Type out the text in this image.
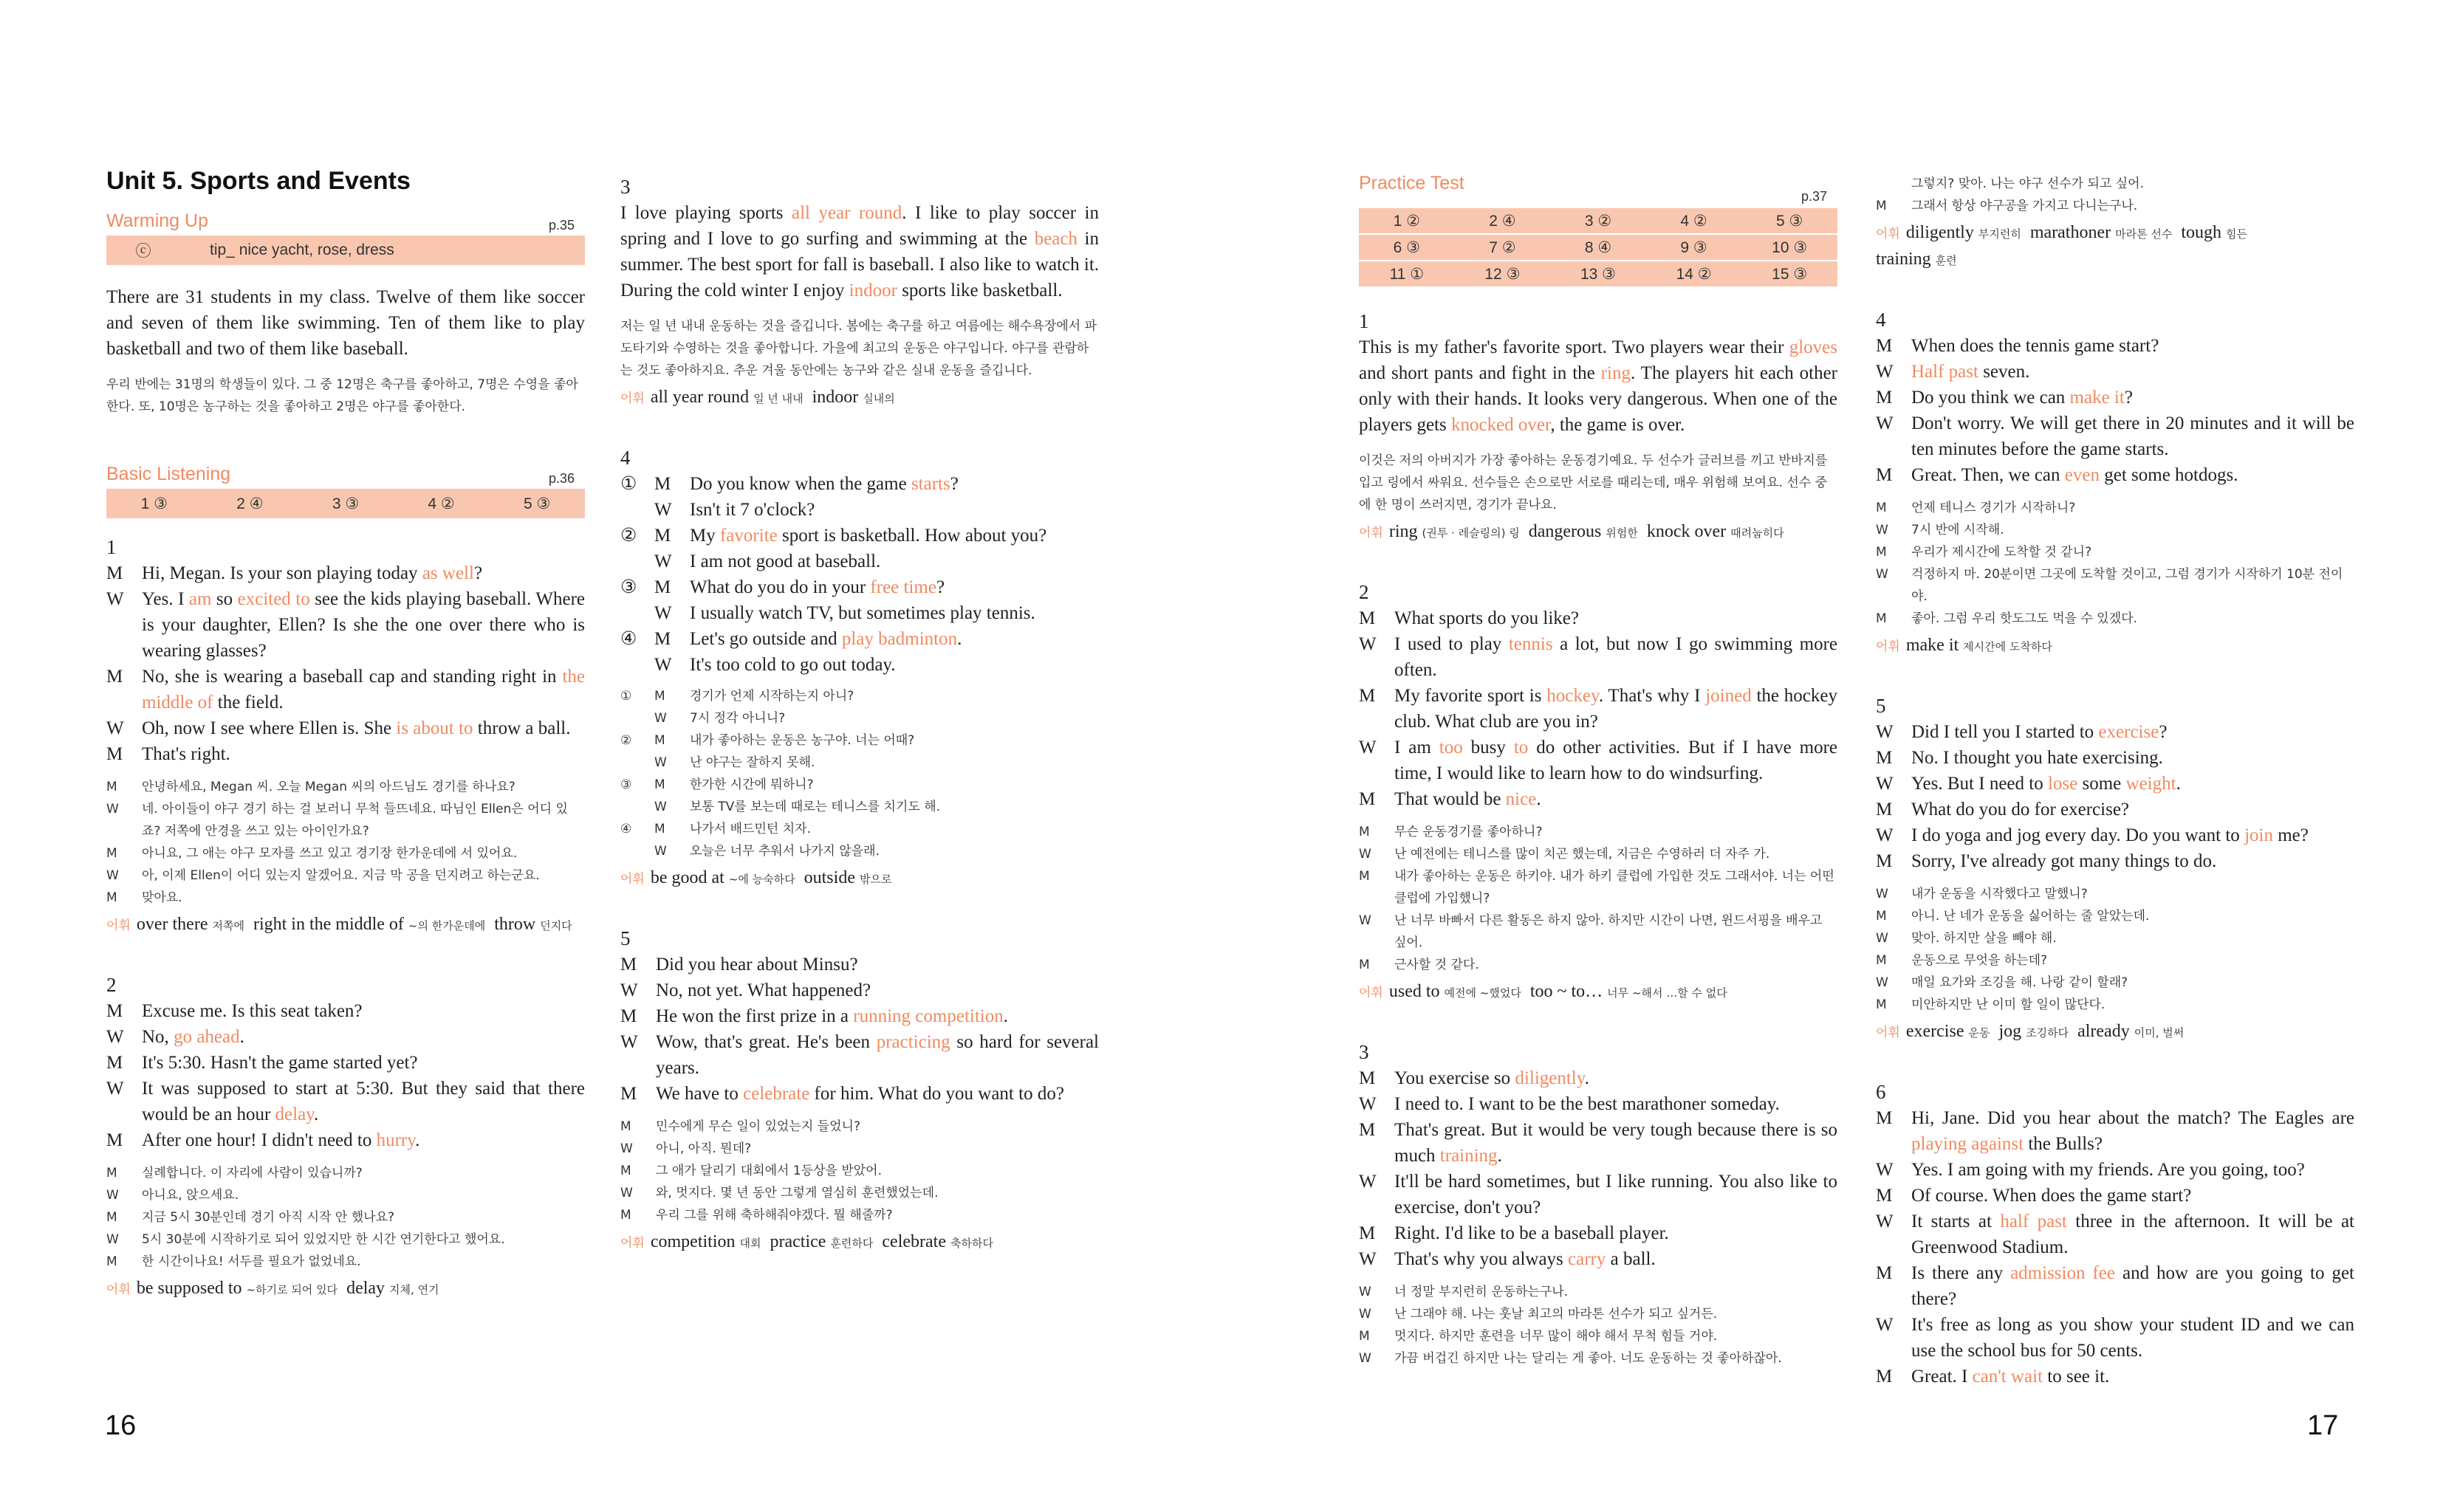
Unit 5. Sports and Events
Warming Up	p.35
ⓒ	tip_ nice yacht, rose, dress

There are 31 students in my class. Twelve of them like soccer and seven of them like swimming. Ten of them like to play basketball and two of them like baseball.

우리 반에는 31명의 학생들이 있다. 그 중 12명은 축구를 좋아하고, 7명은 수영을 좋아한다. 또, 10명은 농구하는 것을 좋아하고 2명은 야구를 좋아한다.
Basic Listening	p.36
1 ③	2 ④	3 ③	4 ②	5 ③
1
M	Hi, Megan. Is your son playing today as well?
W Yes. I am so excited to see the kids playing baseball. Where is your daughter, Ellen? Is she the one over there who is wearing glasses?
M	No, she is wearing a baseball cap and standing right in the middle of the field.
W Oh, now I see where Ellen is. She is about to throw a ball.
M	That's right.
M	안녕하세요, Megan 씨. 오늘 Megan 씨의 아드님도 경기를 하나요?
W	네. 아이들이 야구 경기 하는 걸 보러니 무척 들뜨네요. 따님인 Ellen은 어디 있죠? 저쪽에 안경을 쓰고 있는 아이인가요?
M	아니요, 그 애는 야구 모자를 쓰고 있고 경기장 한가운데에 서 있어요.
W	아, 이제 Ellen이 어디 있는지 알겠어요. 지금 막 공을 던지려고 하는군요.
M	맞아요.
어휘 over there 저쪽에 right in the middle of ~의 한가운데에 throw 던지다
2
M	Excuse me. Is this seat taken?
W No, go ahead.
M	It's 5:30. Hasn't the game started yet?
W It was supposed to start at 5:30. But they said that there would be an hour delay.
M	After one hour! I didn't need to hurry.
M	실례합니다. 이 자리에 사람이 있습니까?
W	아니요, 앉으세요.
M	지금 5시 30분인데 경기 아직 시작 안 했나요?
W	5시 30분에 시작하기로 되어 있었지만 한 시간 연기한다고 했어요.
M	한 시간이나요! 서두를 필요가 없었네요.
어휘 be supposed to ~하기로 되어 있다 delay 지체, 연기
3

I love playing sports all year round. I like to play soccer in spring and I love to go surfing and swimming at the beach in summer. The best sport for fall is baseball. I also like to watch it. During the cold winter I enjoy indoor sports like basketball.

저는 일 년 내내 운동하는 것을 즐깁니다. 봄에는 축구를 하고 여름에는 해수욕장에서 파도타기와 수영하는 것을 좋아합니다. 가을에 최고의 운동은 야구입니다. 야구를 관람하는 것도 좋아하지요. 추운 겨울 동안에는 농구와 같은 실내 운동을 즐깁니다.
어휘 all year round 일 년 내내 indoor 실내의
4
① M	Do you know when the game starts?
W Isn't it 7 o'clock?
② M	My favorite sport is basketball. How about you?
W I am not good at baseball.
③ M	What do you do in your free time?
W I usually watch TV, but sometimes play tennis.
④ M	Let's go outside and play badminton.
W It's too cold to go out today.
①	M	경기가 언제 시작하는지 아니?
W	7시 정각 아니니?
②	M	내가 좋아하는 운동은 농구야. 너는 어때?
W	난 야구는 잘하지 못해.
③	M	한가한 시간에 뭐하니?
W	보통 TV를 보는데 때로는 테니스를 치기도 해.
④	M	나가서 배드민턴 치자.
W	오늘은 너무 추워서 나가지 않을래.
어휘 be good at ~에 능숙하다 outside 밖으로
5
M	Did you hear about Minsu?
W No, not yet. What happened?
M	He won the first prize in a running competition.
W Wow, that's great. He's been practicing so hard for several years.
M	We have to celebrate for him. What do you want to do?
M	민수에게 무슨 일이 있었는지 들었니?
W	아니, 아직. 뭔데?
M	그 애가 달리기 대회에서 1등상을 받았어.
W	와, 멋지다. 몇 년 동안 그렇게 열심히 훈련했었는데.
M	우리 그를 위해 축하해줘야겠다. 뭘 해줄까?
어휘 competition 대회 practice 훈련하다 celebrate 축하하다
Practice Test
p.37
1 ②	2 ④	3 ②	4 ②	5 ③
6 ③	7 ②	8 ④	9 ③	10 ③
11 ①	12 ③	13 ③	14 ②	15 ③
1

This is my father's favorite sport. Two players wear their gloves and short pants and fight in the ring. The players hit each other only with their hands. It looks very dangerous. When one of the players gets knocked over, the game is over.

이것은 저의 아버지가 가장 좋아하는 운동경기예요. 두 선수가 글러브를 끼고 반바지를 입고 링에서 싸워요. 선수들은 손으로만 서로를 때리는데, 매우 위험해 보여요. 선수 중에 한 명이 쓰러지면, 경기가 끝나요.
어휘 ring (권투 · 레슬링의) 링 dangerous 위험한 knock over 때려눕히다
2
M	What sports do you like?
W I used to play tennis a lot, but now I go swimming more often.
M	My favorite sport is hockey. That's why I joined the hockey club. What club are you in?
W I am too busy to do other activities. But if I have more time, I would like to learn how to do windsurfing.
M	That would be nice.
M	무슨 운동경기를 좋아하니?
W	난 예전에는 테니스를 많이 치곤 했는데, 지금은 수영하러 더 자주 가.
M	내가 좋아하는 운동은 하키야. 내가 하키 클럽에 가입한 것도 그래서야. 너는 어떤 클럽에 가입했니?
W	난 너무 바빠서 다른 활동은 하지 않아. 하지만 시간이 나면, 윈드서핑을 배우고 싶어.
M	근사할 것 같다.
어휘 used to 예전에 ~했었다 too ~ to… 너무 ~해서 …할 수 없다
3
M	You exercise so diligently.
W I need to. I want to be the best marathoner someday.
M	That's great. But it would be very tough because there is so much training.
W It'll be hard sometimes, but I like running. You also like to exercise, don't you?
M	Right. I'd like to be a baseball player.
W That's why you always carry a ball.
W	너 정말 부지런히 운동하는구나.
W	난 그래야 해. 나는 훗날 최고의 마라톤 선수가 되고 싶거든.
M	멋지다. 하지만 훈련을 너무 많이 해야 해서 무척 힘들 거야.
W	가끔 버겁긴 하지만 나는 달리는 게 좋아. 너도 운동하는 것 좋아하잖아.
그렇지? 맞아. 나는 야구 선수가 되고 싶어.
M	그래서 항상 야구공을 가지고 다니는구나.
어휘 diligently 부지런히 marathoner 마라톤 선수 tough 힘든
training 훈련
4
M	When does the tennis game start?
W Half past seven.
M	Do you think we can make it?
W Don't worry. We will get there in 20 minutes and it will be ten minutes before the game starts.
M	Great. Then, we can even get some hotdogs.
M	언제 테니스 경기가 시작하니?
W	7시 반에 시작해.
M	우리가 제시간에 도착할 것 같니?
W	걱정하지 마. 20분이면 그곳에 도착할 것이고, 그럼 경기가 시작하기 10분 전이야.
M	좋아. 그럼 우리 핫도그도 먹을 수 있겠다.
어휘 make it 제시간에 도착하다
5
W Did I tell you I started to exercise?
M	No. I thought you hate exercising.
W Yes. But I need to lose some weight.
M	What do you do for exercise?
W I do yoga and jog every day. Do you want to join me?
M	Sorry, I've already got many things to do.
W	내가 운동을 시작했다고 말했니?
M	아니. 난 네가 운동을 싫어하는 줄 알았는데.
W	맞아. 하지만 살을 빼야 해.
M	운동으로 무엇을 하는데?
W	매일 요가와 조깅을 해. 나랑 같이 할래?
M	미안하지만 난 이미 할 일이 많단다.
어휘 exercise 운동 jog 조깅하다 already 이미, 벌써
6
M	Hi, Jane. Did you hear about the match? The Eagles are playing against the Bulls?
W Yes. I am going with my friends. Are you going, too?
M	Of course. When does the game start?
W It starts at half past three in the afternoon. It will be at Greenwood Stadium.
M	Is there any admission fee and how are you going to get there?
W It's free as long as you show your student ID and we can use the school bus for 50 cents.
M	Great. I can't wait to see it.
16	17
